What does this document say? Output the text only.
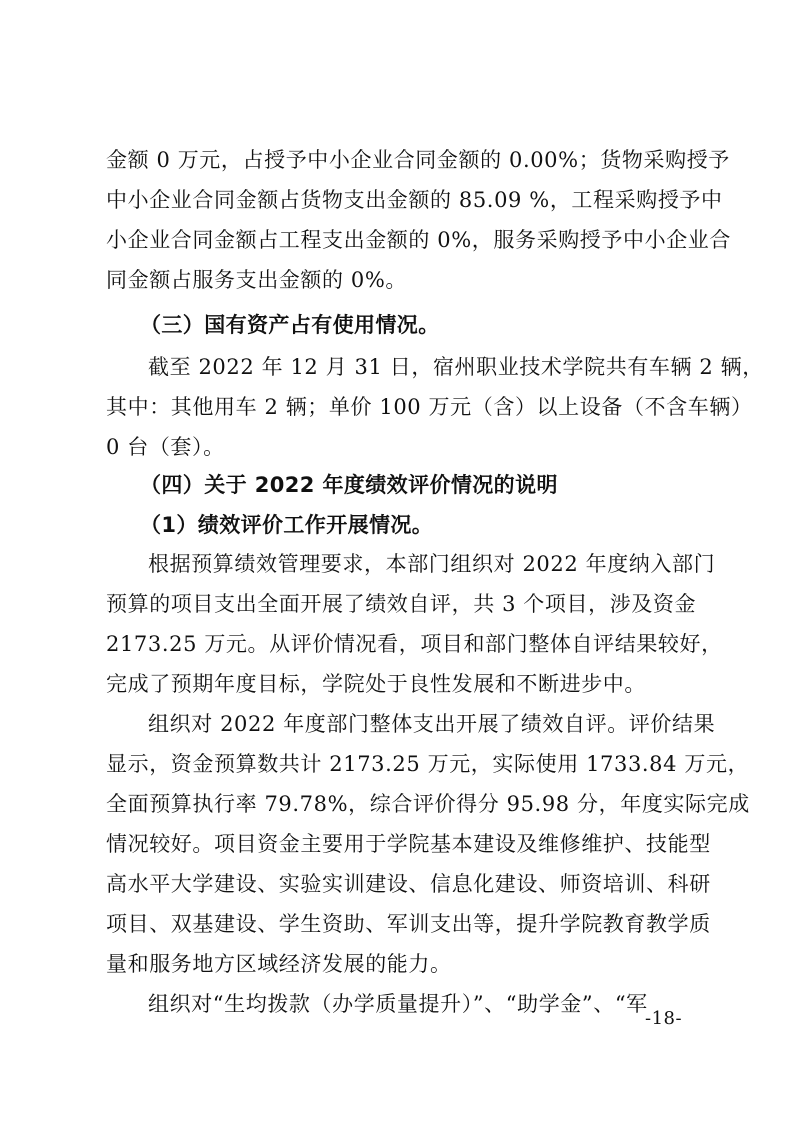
金额 0 万元，占授予中小企业合同金额的 0.00%；货物采购授予
中小企业合同金额占货物支出金额的 85.09 %，工程采购授予中
小企业合同金额占工程支出金额的 0%，服务采购授予中小企业合
同金额占服务支出金额的 0%。
（三）国有资产占有使用情况。
截至 2022 年 12 月 31 日，宿州职业技术学院共有车辆 2 辆，
其中：其他用车 2 辆；单价 100 万元（含）以上设备（不含车辆）
0 台（套）。
（四）关于 2022 年度绩效评价情况的说明
（1）绩效评价工作开展情况。
根据预算绩效管理要求，本部门组织对 2022 年度纳入部门
预算的项目支出全面开展了绩效自评，共 3 个项目，涉及资金
2173.25 万元。从评价情况看，项目和部门整体自评结果较好，
完成了预期年度目标，学院处于良性发展和不断进步中。
组织对 2022 年度部门整体支出开展了绩效自评。评价结果
显示，资金预算数共计 2173.25 万元，实际使用 1733.84 万元，
全面预算执行率 79.78%，综合评价得分 95.98 分，年度实际完成
情况较好。项目资金主要用于学院基本建设及维修维护、技能型
高水平大学建设、实验实训建设、信息化建设、师资培训、科研
项目、双基建设、学生资助、军训支出等，提升学院教育教学质
量和服务地方区域经济发展的能力。
组织对“生均拨款（办学质量提升）”、“助学金”、“军
-18-
